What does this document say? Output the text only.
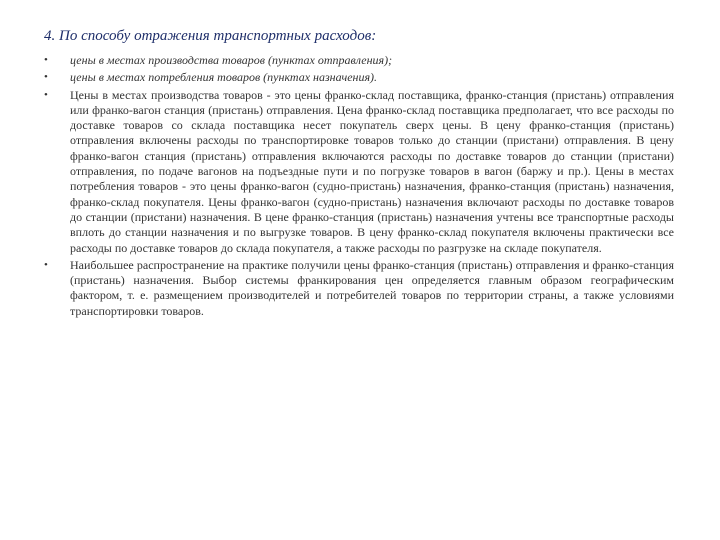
4. По способу отражения транспортных расходов:
• цены в местах производства товаров (пунктах отправления);
• цены в местах потребления товаров (пунктах назначения).
• Цены в местах производства товаров - это цены франко-склад поставщика, франко-станция (пристань) отправления или франко-вагон станция (пристань) отправления. Цена франко-склад поставщика предполагает, что все расходы по доставке товаров со склада поставщика несет покупатель сверх цены. В цену франко-станция (пристань) отправления включены расходы по транспортировке товаров только до станции (пристани) отправления. В цену франко-вагон станция (пристань) отправления включаются расходы по доставке товаров до станции (пристани) отправления, по подаче вагонов на подъездные пути и по погрузке товаров в вагон (баржу и пр.). Цены в местах потребления товаров - это цены франко-вагон (судно-пристань) назначения, франко-станция (пристань) назначения, франко-склад покупателя. Цены франко-вагон (судно-пристань) назначения включают расходы по доставке товаров до станции (пристани) назначения. В цене франко-станция (пристань) назначения учтены все транспортные расходы вплоть до станции назначения и по выгрузке товаров. В цену франко-склад покупателя включены практически все расходы по доставке товаров до склада покупателя, а также расходы по разгрузке на складе покупателя.
• Наибольшее распространение на практике получили цены франко-станция (пристань) отправления и франко-станция (пристань) назначения. Выбор системы франкирования цен определяется главным образом географическим фактором, т. е. размещением производителей и потребителей товаров по территории страны, а также условиями транспортировки товаров.
